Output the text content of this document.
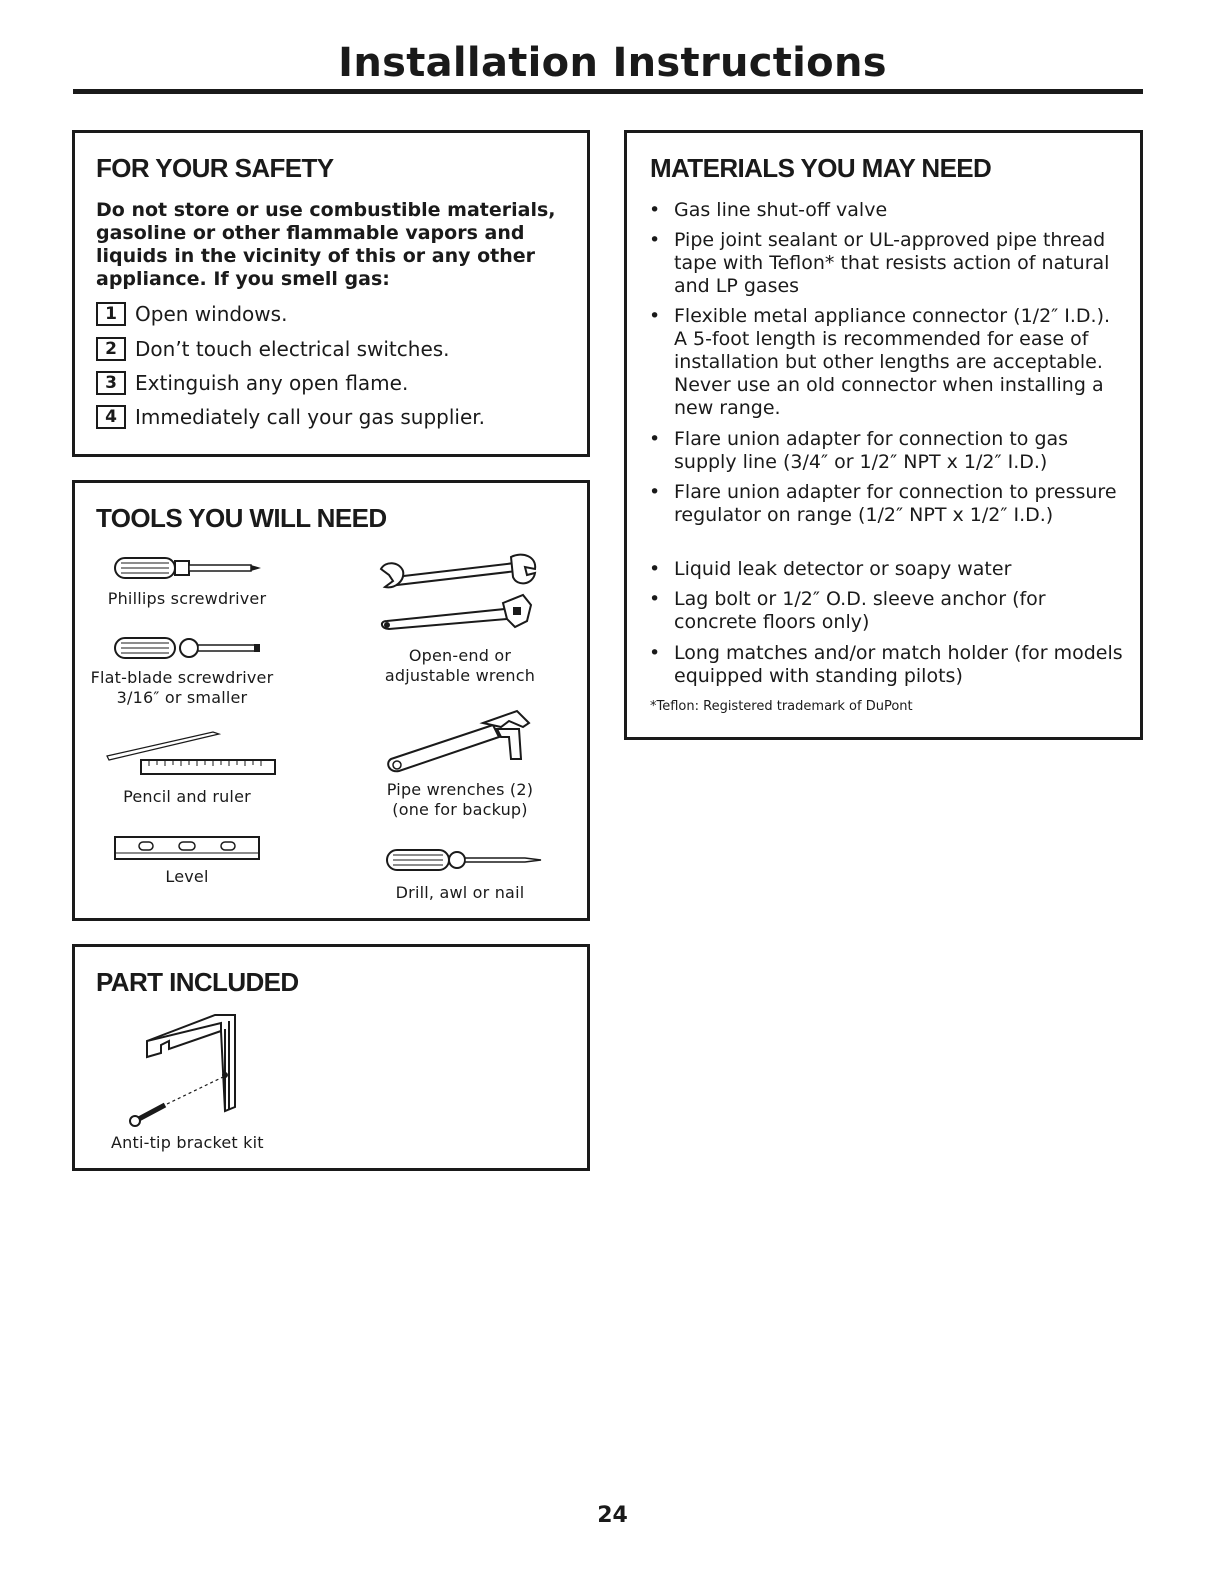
Installation Instructions
FOR YOUR SAFETY

Do not store or use combustible materials, gasoline or other flammable vapors and liquids in the vicinity of this or any other appliance. If you smell gas:

1 Open windows.
2 Don’t touch electrical switches.
3 Extinguish any open flame.
4 Immediately call your gas supplier.
TOOLS YOU WILL NEED
Phillips screwdriver
Flat-blade screwdriver
3/16″ or smaller
Pencil and ruler
Level
Open-end or
adjustable wrench
Pipe wrenches (2)
(one for backup)
Drill, awl or nail
PART INCLUDED
Anti-tip bracket kit
MATERIALS YOU MAY NEED

• Gas line shut-off valve

• Pipe joint sealant or UL-approved pipe thread tape with Teflon* that resists action of natural and LP gases

• Flexible metal appliance connector (1/2″ I.D.). A 5-foot length is recommended for ease of installation but other lengths are acceptable. Never use an old connector when installing a new range.

• Flare union adapter for connection to gas supply line (3/4″ or 1/2″ NPT x 1/2″ I.D.)

• Flare union adapter for connection to pressure regulator on range (1/2″ NPT x 1/2″ I.D.)

• Liquid leak detector or soapy water

• Lag bolt or 1/2″ O.D. sleeve anchor (for concrete floors only)

• Long matches and/or match holder (for models equipped with standing pilots)

*Teflon: Registered trademark of DuPont
24
